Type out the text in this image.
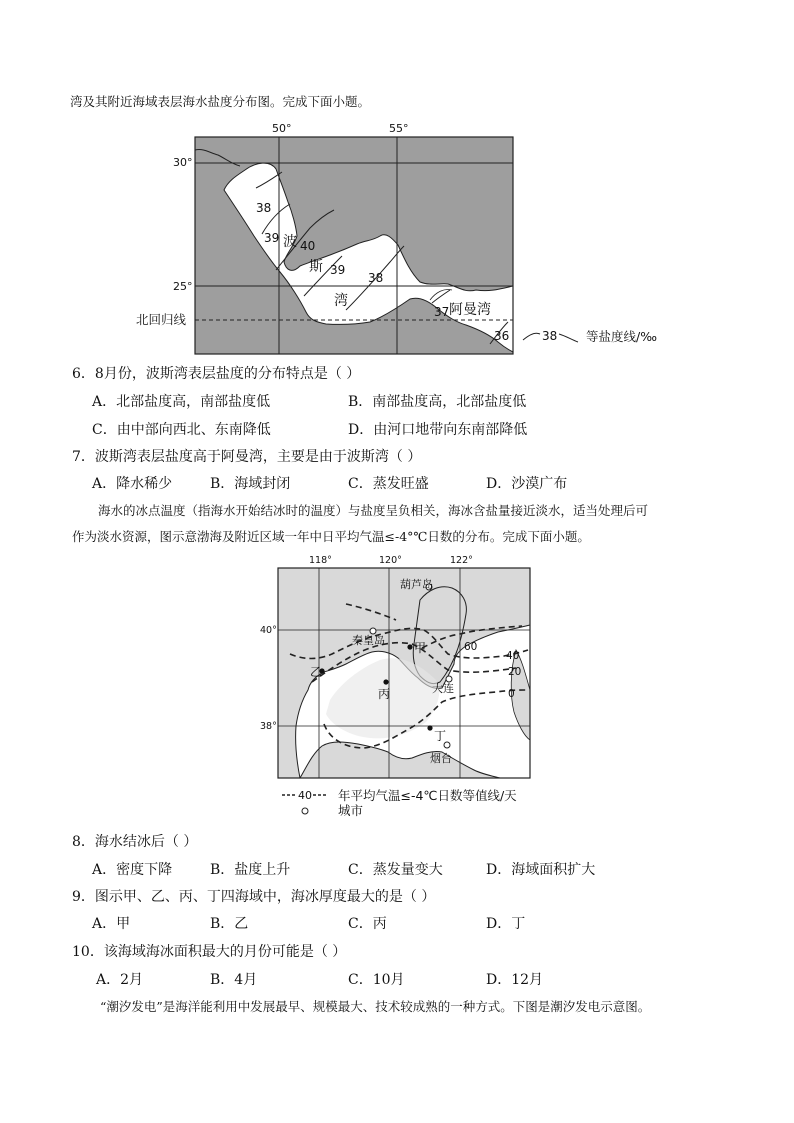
湾及其附近海域表层海水盐度分布图。完成下面小题。
38
39
40
39
38
37
36
波
斯
湾
阿曼湾
50°	55°
30°
25°
北回归线
38 等盐度线/‰
6．8月份，波斯湾表层盐度的分布特点是（ ）
A．北部盐度高，南部盐度低	B．南部盐度高，北部盐度低
C．由中部向西北、东南降低	D．由河口地带向东南部降低
7．波斯湾表层盐度高于阿曼湾，主要是由于波斯湾（ ）
A．降水稀少	B．海域封闭	C．蒸发旺盛	D．沙漠广布
海水的冰点温度（指海水开始结冰时的温度）与盐度呈负相关，海冰含盐量接近淡水，适当处理后可
作为淡水资源，图示意渤海及附近区域一年中日平均气温≤-4°℃日数的分布。完成下面小题。
葫芦岛
秦皇岛
大连
烟台
甲
乙
丙
丁
60
40
20
0
118°	120°	122°
40°
38°
40 年平均气温≤-4℃日数等值线/天
城市
8．海水结冰后（ ）
A．密度下降	B．盐度上升	C．蒸发量变大	D．海域面积扩大
9．图示甲、乙、丙、丁四海域中，海冰厚度最大的是（ ）
A．甲	B．乙	C．丙	D．丁
10．该海域海冰面积最大的月份可能是（ ）
A．2月	B．4月	C．10月	D．12月
“潮汐发电”是海洋能利用中发展最早、规模最大、技术较成熟的一种方式。下图是潮汐发电示意图。
